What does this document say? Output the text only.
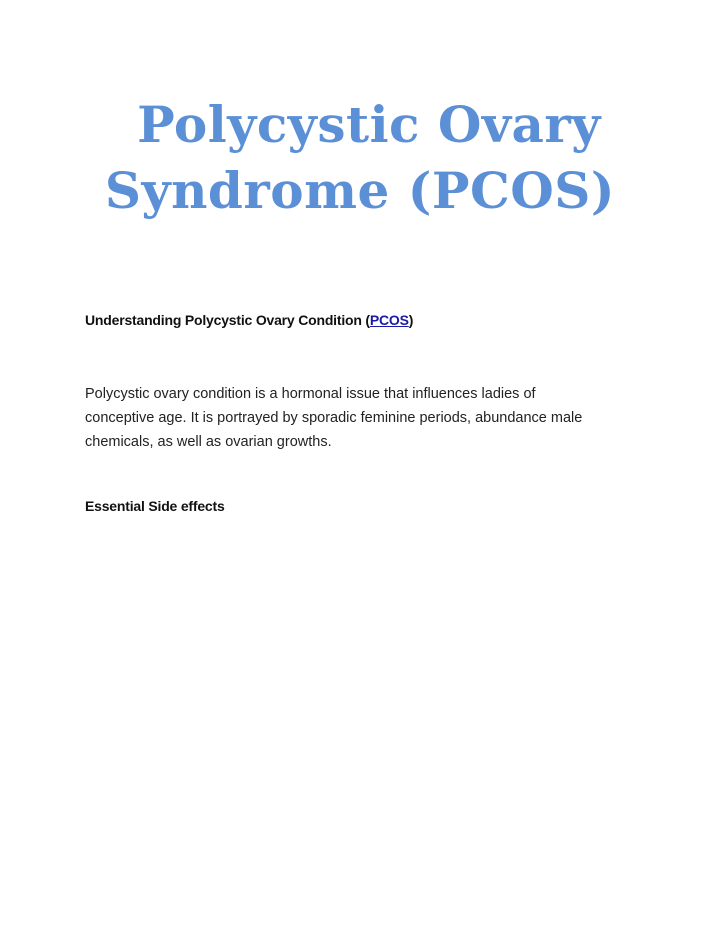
Polycystic Ovary
Syndrome (PCOS)

Understanding Polycystic Ovary Condition (PCOS)

Polycystic ovary condition is a hormonal issue that influences ladies of
conceptive age. It is portrayed by sporadic feminine periods, abundance male
chemicals, as well as ovarian growths.

Essential Side effects
